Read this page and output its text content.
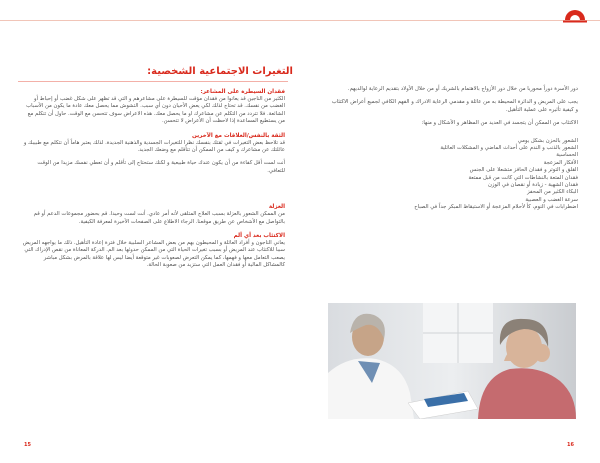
التغيرات الاجتماعية الشخصية:
فقدان السيطرة على المشاعر:
الكثير من الناجين قد يعانوا من فقدان مؤقت للسيطرة على مشاعرهم و التي قد تظهر على شكل غضب أو إحباط أو الغضب من نفسك. قد تحتاج لذلك لكي يعض الأحيان دون أي سبب. التشوش مما يحصل معك عادة ما يكون من الأسباب الشائعة. فلا تتردد من التكلم عن مشاعرك او ما يحصل معك. هذه الاعراض سوف تتحسن مع الوقت. حاول أن تتكلم مع من يستطيع المساعدة إذا لاحظت أن الأعراض لا تتحسن.
الثقة بالنفس/العلاقات مع الآخرين
قد تلاحظ بعض التغيرات في ثقتك بنفسك نظرا للتغيرات الجسدية والذهنية الجديدة. لذلك يعتبر هاماً أن تتكلم مع طبيبك و عائلتك عن مشاعرك و كيف من الممكن أن تتأقلم مع وضعك الجديد.
أنت لست أقل كفاءة من أن يكون عندك حياة طبيعية و لكنك ستحتاج إلى تأقلم و أن تعطي نفسك مزيدا من الوقت للتعافي.
العزلة
من الممكن الشعور بالعزلة بسبب العلاج المتلقى لأنه أمر عادي. أنت لست وحيدا. قم بحضور مجموعات الدعم أو قم بالتواصل مع الأشخاص عن طريق موقعنا. الرجاء الاطلاع على الصفحات الأخيرة لمعرفة الكيفية.
الاكتئاب بعد أي ألم
يعاني الناجون و أفراد العائلة و المحيطون بهم من بعض المشاعر السلبية خلال فترة إعادة التأهيل. ذلك ما يواجهه المريض سببا للاكتئاب عند المريض أو بسبب تغيرات الحياة التي من الممكن حدوثها بعد الم. الدركة المعاناة من نقص الإدراك التي يصعب التعامل معها و فهمها، كما يمكن التعرض لصعوبات غير متوقعة أيضا ليس لها علاقة بالمرض بشكل مباشر كالمشاكل المالية أو فقدان العمل التي ستزيد من صعوبة الحالة.
دور الأسرة دوراً محوريا من خلال دور الأزواج بالاهتمام بالشريك أو من خلال الأولاد بتقديم الرعاية لوالديهم.
يجب على المريض و الدائرة المحيطة به من عائلة و مقدمي الرعاية الادراك و الفهم الكافي لجميع أعراض الاكتئاب و كيفية تأثيره على عملية التأهيل.
الاكتئاب من الممكن أن يتجسد في العديد من المظاهر و الأشكال و منها:
الشعور بالحزن بشكل يومي
الشعور بالذنب و الندم على أحداث الماضي و المشكلات العائلية
الحساسية
الأفكار المزعجة
القلق و التوتر و فقدان الحافز متشعلا على الجنس
فقدان المتعة بالنشاطات التي كانت من قبل ممتعة
فقدان الشهية - زيادة أو نقصان في الوزن
البكاء الكثير من المحفز
سرعة الغضب و العصبية
اضطرابات في النوم، كأ لأحلام المزعجة أو الاستيقاظ المبكر جداً في الصباح
15	16
